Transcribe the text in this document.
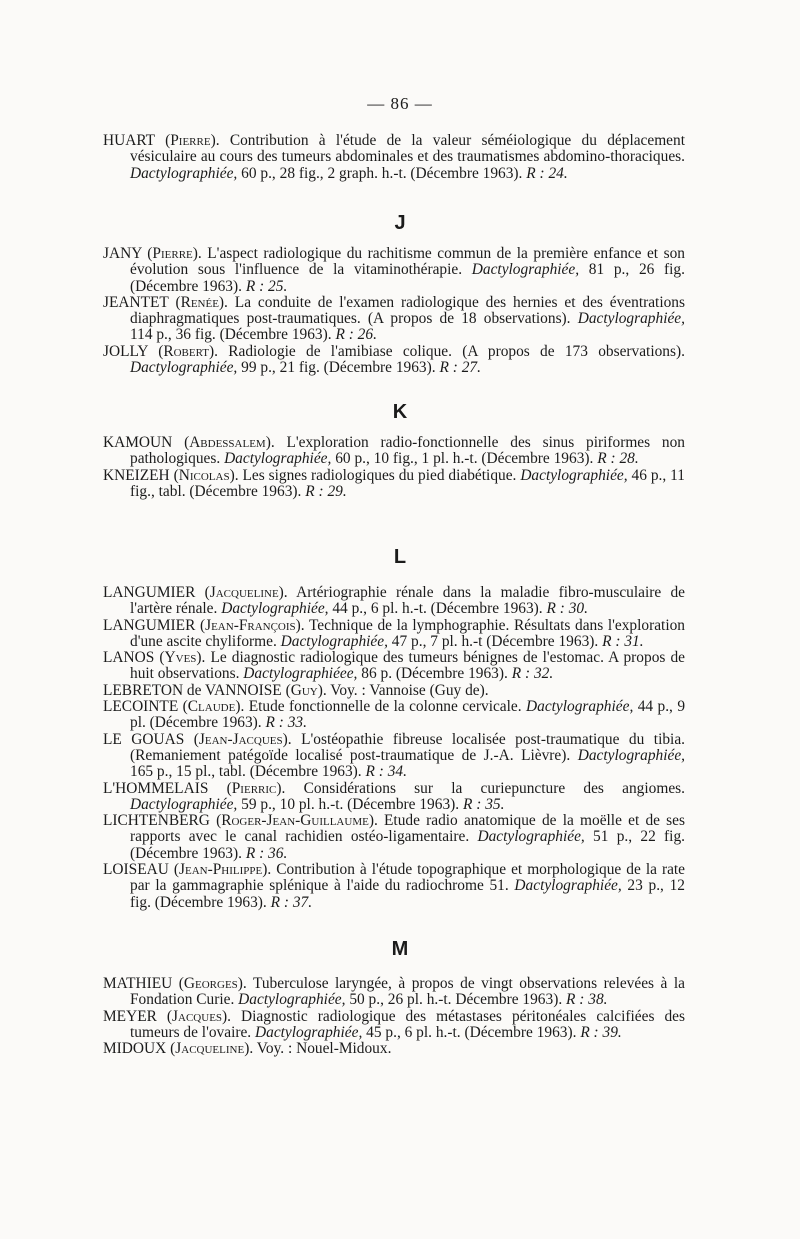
— 86 —

HUART (Pierre). Contribution à l'étude de la valeur séméiologique du déplacement vésiculaire au cours des tumeurs abdominales et des traumatismes abdomino-thoraciques. Dactylographiée, 60 p., 28 fig., 2 graph. h.-t. (Décembre 1963). R : 24.

J

JANY (Pierre). L'aspect radiologique du rachitisme commun de la première enfance et son évolution sous l'influence de la vitaminothérapie. Dactylographiée, 81 p., 26 fig. (Décembre 1963). R : 25.

JEANTET (Renée). La conduite de l'examen radiologique des hernies et des éventrations diaphragmatiques post-traumatiques. (A propos de 18 observations). Dactylographiée, 114 p., 36 fig. (Décembre 1963). R : 26.

JOLLY (Robert). Radiologie de l'amibiase colique. (A propos de 173 observations). Dactylographiée, 99 p., 21 fig. (Décembre 1963). R : 27.

K

KAMOUN (Abdessalem). L'exploration radio-fonctionnelle des sinus piriformes non pathologiques. Dactylographiée, 60 p., 10 fig., 1 pl. h.-t. (Décembre 1963). R : 28.

KNEIZEH (Nicolas). Les signes radiologiques du pied diabétique. Dactylographiée, 46 p., 11 fig., tabl. (Décembre 1963). R : 29.

L

LANGUMIER (Jacqueline). Artériographie rénale dans la maladie fibro-musculaire de l'artère rénale. Dactylographiée, 44 p., 6 pl. h.-t. (Décembre 1963). R : 30.

LANGUMIER (Jean-François). Technique de la lymphographie. Résultats dans l'exploration d'une ascite chyliforme. Dactylographiée, 47 p., 7 pl. h.-t (Décembre 1963). R : 31.

LANOS (Yves). Le diagnostic radiologique des tumeurs bénignes de l'estomac. A propos de huit observations. Dactylographiéee, 86 p. (Décembre 1963). R : 32.

LEBRETON de VANNOISE (Guy). Voy. : Vannoise (Guy de).

LECOINTE (Claude). Etude fonctionnelle de la colonne cervicale. Dactylographiée, 44 p., 9 pl. (Décembre 1963). R : 33.

LE GOUAS (Jean-Jacques). L'ostéopathie fibreuse localisée post-traumatique du tibia. (Remaniement patégoïde localisé post-traumatique de J.-A. Lièvre). Dactylographiée, 165 p., 15 pl., tabl. (Décembre 1963). R : 34.

L'HOMMELAIS (Pierric). Considérations sur la curiepuncture des angiomes. Dactylographiée, 59 p., 10 pl. h.-t. (Décembre 1963). R : 35.

LICHTENBERG (Roger-Jean-Guillaume). Etude radio anatomique de la moëlle et de ses rapports avec le canal rachidien ostéo-ligamentaire. Dactylographiée, 51 p., 22 fig. (Décembre 1963). R : 36.

LOISEAU (Jean-Philippe). Contribution à l'étude topographique et morphologique de la rate par la gammagraphie splénique à l'aide du radiochrome 51. Dactylographiée, 23 p., 12 fig. (Décembre 1963). R : 37.

M

MATHIEU (Georges). Tuberculose laryngée, à propos de vingt observations relevées à la Fondation Curie. Dactylographiée, 50 p., 26 pl. h.-t. Décembre 1963). R : 38.

MEYER (Jacques). Diagnostic radiologique des métastases péritonéales calcifiées des tumeurs de l'ovaire. Dactylographiée, 45 p., 6 pl. h.-t. (Décembre 1963). R : 39.

MIDOUX (Jacqueline). Voy. : Nouel-Midoux.
